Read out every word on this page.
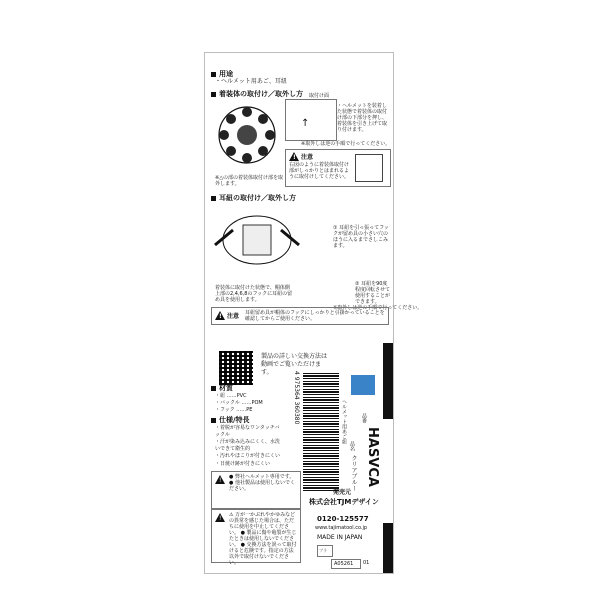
用途
・ヘルメット用あご、耳紐
着装体の取付け／取外し方
※△の部の着装体取付け部を取外します。
取付け面
↑
・ヘルメットを装着した状態で着装体の取付け部の下部分を押し、着装体を引き上げて取り付けます。
※取外しは逆の手順で行ってください。
! 注意
右図のように着装体取付け部がしっかりとはまれるように取付けしてください。
耳紐の取付け／取外し方
着装体に取付けた状態で、帽体側上部の2,4,6,8のフックに耳紐の留め具を使用します。
① 耳紐を引っ張ってフックが留め具の小さい穴のほうに入るまでさしこみます。
② 耳紐を90度程度回転させて使用することができます。
※取外しは逆の手順で行ってください。
! 注意 耳紐留め具が帽体のフックにしっかりと引掛かっていることを確認してからご使用ください。
製品の詳しい交換方法は動画でご覧いただけます。
材質
・紐 ……PVC
・バックル ……POM
・フック ……PE
仕様/特長
・着脱が容易なワンタッチバックル
・汗が染み込みにくく、水洗いできて衛生的
・汚れやほこりが付きにくい
・日焼け跡が付きにくい
4 975364 360380	ヘルメット用あご紐
品名
クリアブルー
品番
HASVCA
! ● 弊社ヘルメット専用です。 ● 他社製品は使用しないでください。
! ⚠ 万が一かぶれやかゆみなどの異常を感じた場合は、ただちに使用を中止してください。 ● 製品に傷や亀裂が生じたときは使用しないでください。 ● 交換方法を誤って取付けると危険です。指定の方法以外で取付けないでください。
発売元
株式会社TJMデザイン
0120-125577
www.tajimatool.co.jp
MADE IN JAPAN
プラ
A05261 01
